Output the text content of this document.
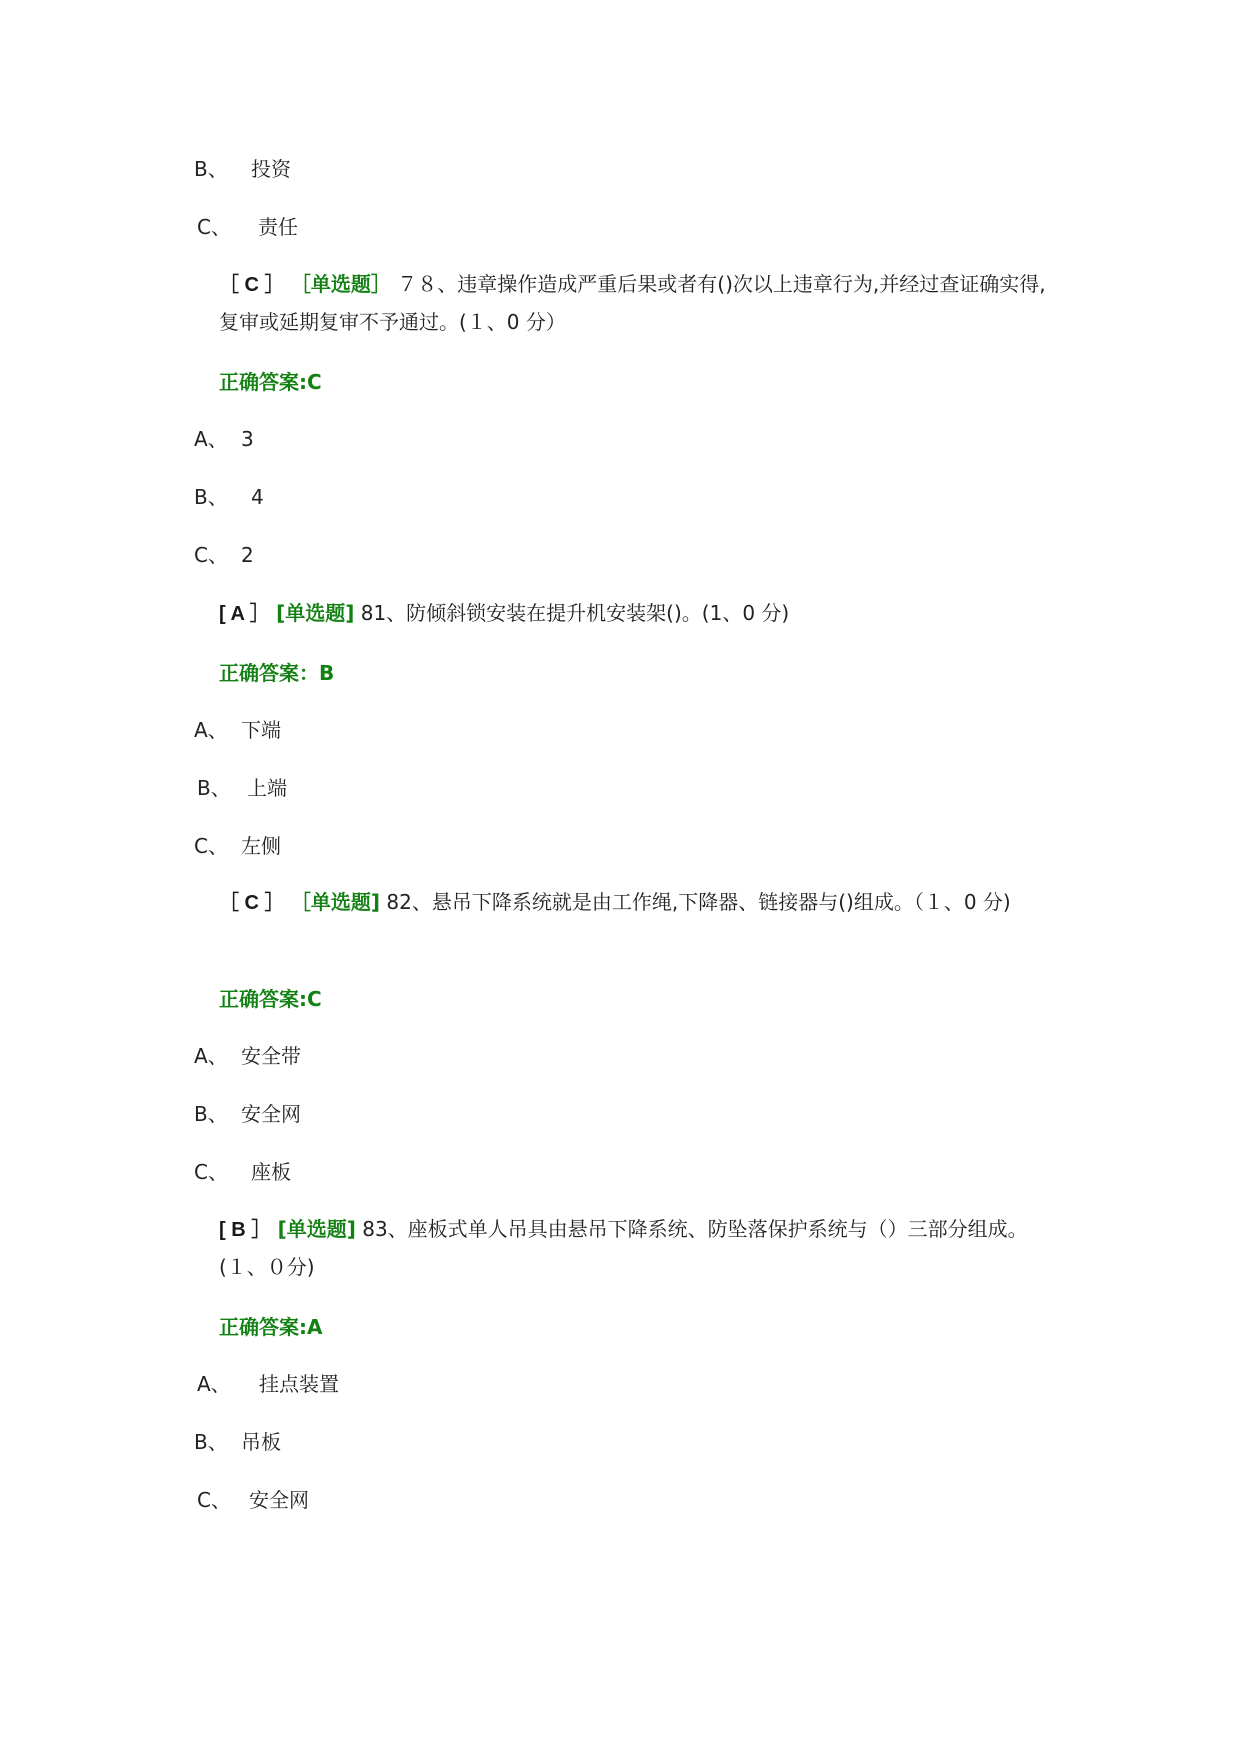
B、 投资
C、 责任
［ C ］ ［单选题］ ７８、违章操作造成严重后果或者有()次以上违章行为,并经过查证确实得,复审或延期复审不予通过。(１、0 分）
正确答案:C
A、 3
B、 4
C、 2
[ A ］ [单选题] 81、防倾斜锁安装在提升机安装架()。(1、0 分)
正确答案：B
A、 下端
B、 上端
C、 左侧
［ C ］ ［单选题] 82、悬吊下降系统就是由工作绳,下降器、链接器与()组成。（１、0 分)
正确答案:C
A、 安全带
B、 安全网
C、 座板
[ B ］ [单选题] 83、座板式单人吊具由悬吊下降系统、防坠落保护系统与（）三部分组成。(１、０分)
正确答案:A
A、 挂点装置
B、 吊板
C、 安全网
